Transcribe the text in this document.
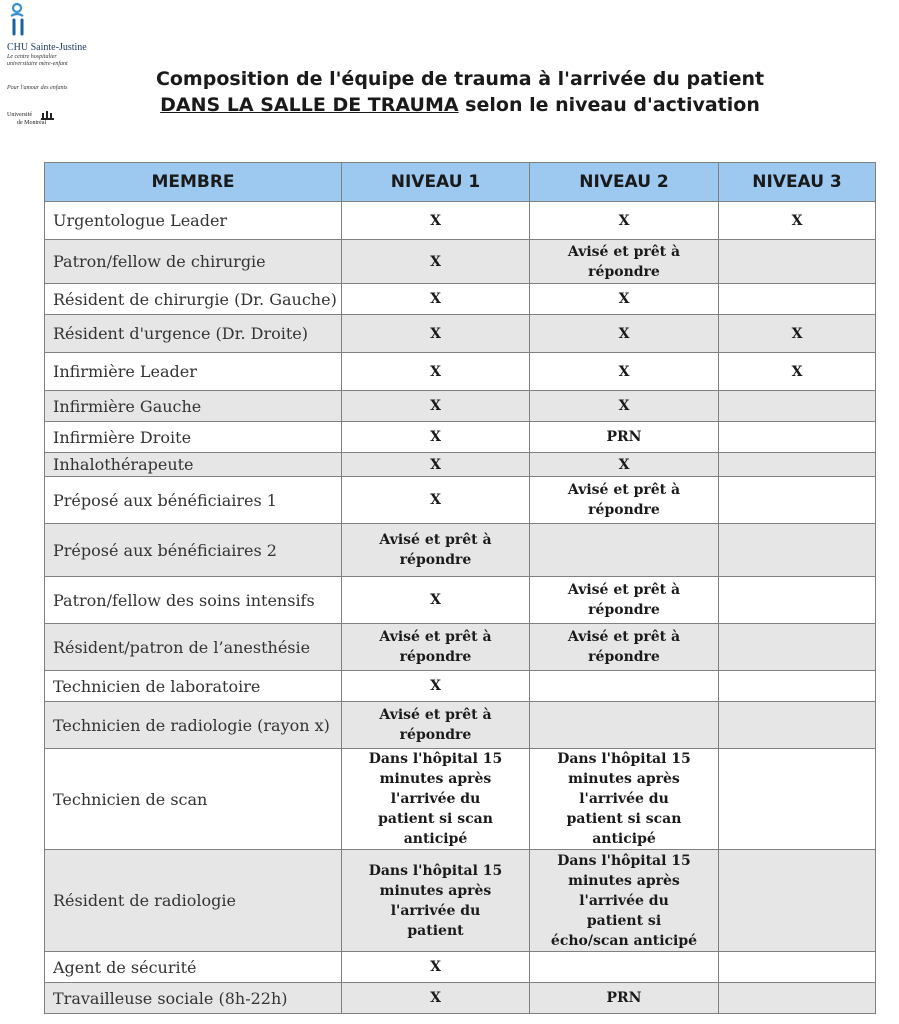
CHU Sainte-Justine
Le centre hospitalier
universitaire mère-enfant
Pour l'amour des enfants
Université
de Montréal
Composition de l'équipe de trauma à l'arrivée du patient
DANS LA SALLE DE TRAUMA selon le niveau d'activation
MEMBRE	NIVEAU 1	NIVEAU 2	NIVEAU 3
Urgentologue Leader	X	X	X
Patron/fellow de chirurgie	X	Avisé et prêt à répondre	
Résident de chirurgie (Dr. Gauche)	X	X	
Résident d'urgence (Dr. Droite)	X	X	X
Infirmière Leader	X	X	X
Infirmière Gauche	X	X	
Infirmière Droite	X	PRN	
Inhalothérapeute	X	X	
Préposé aux bénéficiaires 1	X	Avisé et prêt à répondre	
Préposé aux bénéficiaires 2	Avisé et prêt à répondre		
Patron/fellow des soins intensifs	X	Avisé et prêt à répondre	
Résident/patron de l’anesthésie	Avisé et prêt à répondre	Avisé et prêt à répondre	
Technicien de laboratoire	X		
Technicien de radiologie (rayon x)	Avisé et prêt à répondre		
Technicien de scan	Dans l'hôpital 15 minutes après l'arrivée du patient si scan anticipé	Dans l'hôpital 15 minutes après l'arrivée du patient si scan anticipé	
Résident de radiologie	Dans l'hôpital 15 minutes après l'arrivée du patient	Dans l'hôpital 15 minutes après l'arrivée du patient si écho/scan anticipé	
Agent de sécurité	X		
Travailleuse sociale (8h-22h)	X	PRN	
